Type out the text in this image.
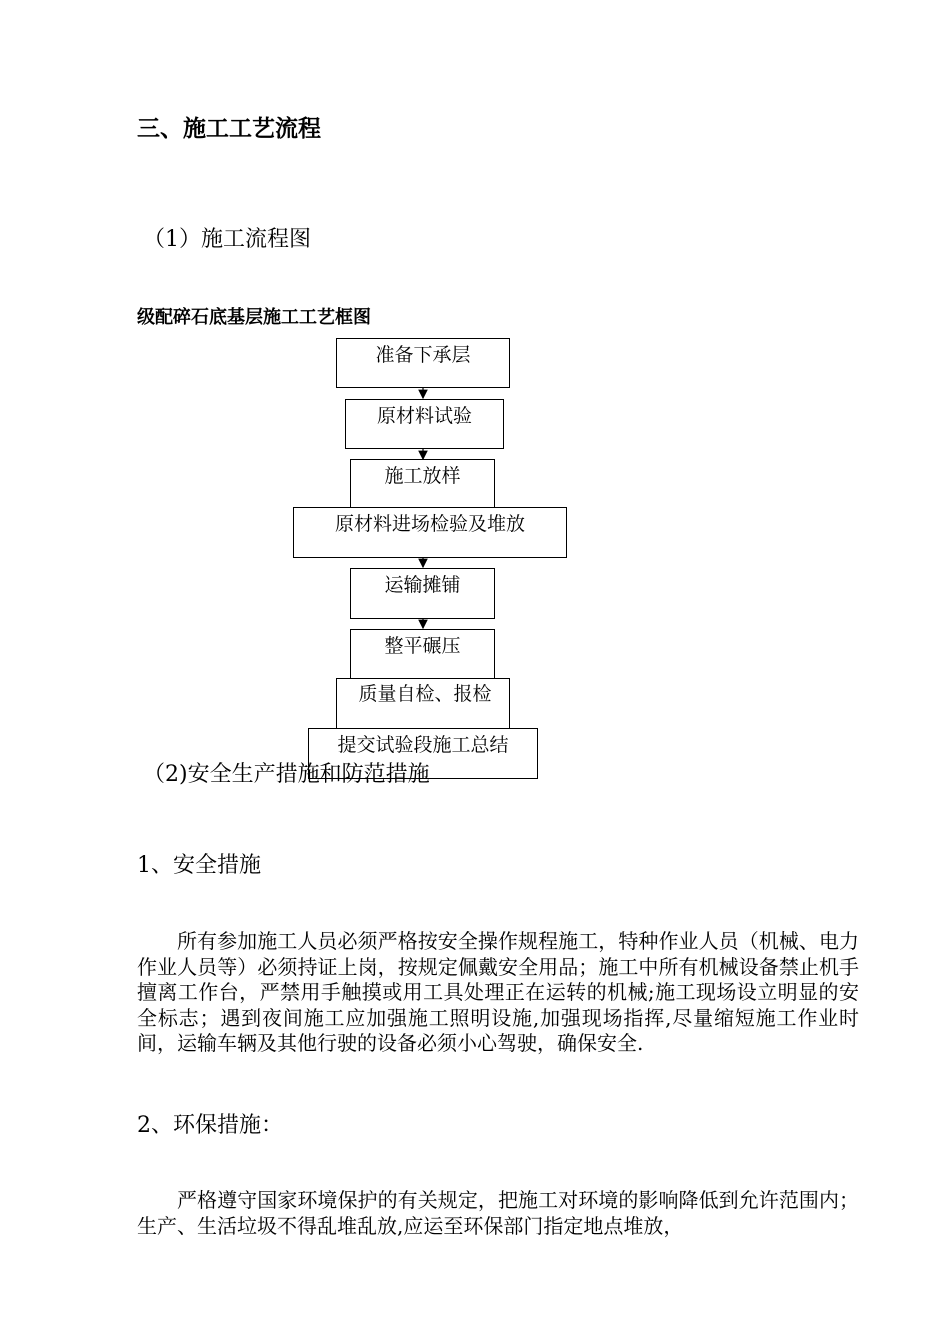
三、施工工艺流程
（1）施工流程图
级配碎石底基层施工工艺框图
准备下承层
原材料试验
施工放样
原材料进场检验及堆放
运输摊铺
整平碾压
质量自检、报检
提交试验段施工总结
（2)安全生产措施和防范措施
1、安全措施
所有参加施工人员必须严格按安全操作规程施工，特种作业人员（机械、电力作业人员等）必须持证上岗，按规定佩戴安全用品；施工中所有机械设备禁止机手擅离工作台，严禁用手触摸或用工具处理正在运转的机械;施工现场设立明显的安全标志；遇到夜间施工应加强施工照明设施,加强现场指挥,尽量缩短施工作业时间，运输车辆及其他行驶的设备必须小心驾驶，确保安全.
2、环保措施：
严格遵守国家环境保护的有关规定，把施工对环境的影响降低到允许范围内；生产、生活垃圾不得乱堆乱放,应运至环保部门指定地点堆放，
